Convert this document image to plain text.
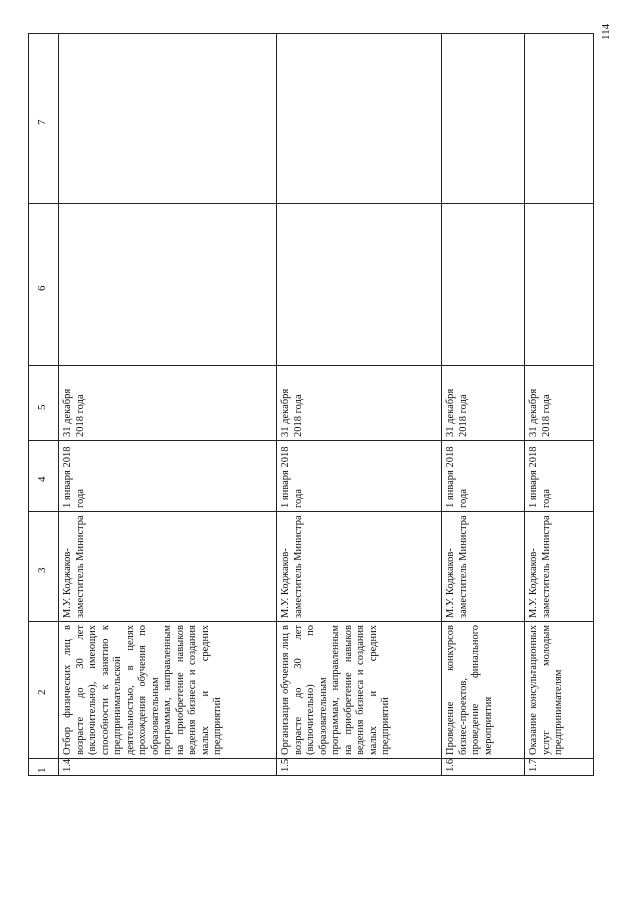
114
1
2
3
4
5
6
7
1.4
Отбор физических лиц в возрасте до 30 лет (включительно), имеющих способности к занятию к предпринимательской деятельностью, в целях прохождения обучения по образовательным программам, направленным на приобретение навыков ведения бизнеса и создания малых и средних предприятий
М.У. Коджаков-заместитель Министра
1 января 2018 года
31 декабря 2018 года
1.5
Организация обучения лиц в возрасте до 30 лет (включительно) по образовательным программам, направленным на приобретение навыков ведения бизнеса и создания малых и средних предприятий
М.У. Коджаков-заместитель Министра
1 января 2018 года
31 декабря 2018 года
1.6
Проведение конкурсов бизнес-проектов, проведение финального мероприятия
М.У. Коджаков-заместитель Министра
1 января 2018 года
31 декабря 2018 года
1.7
Оказание консультационных услуг молодым предпринимателям
М.У. Коджаков-заместитель Министра
1 января 2018 года
31 декабря 2018 года
